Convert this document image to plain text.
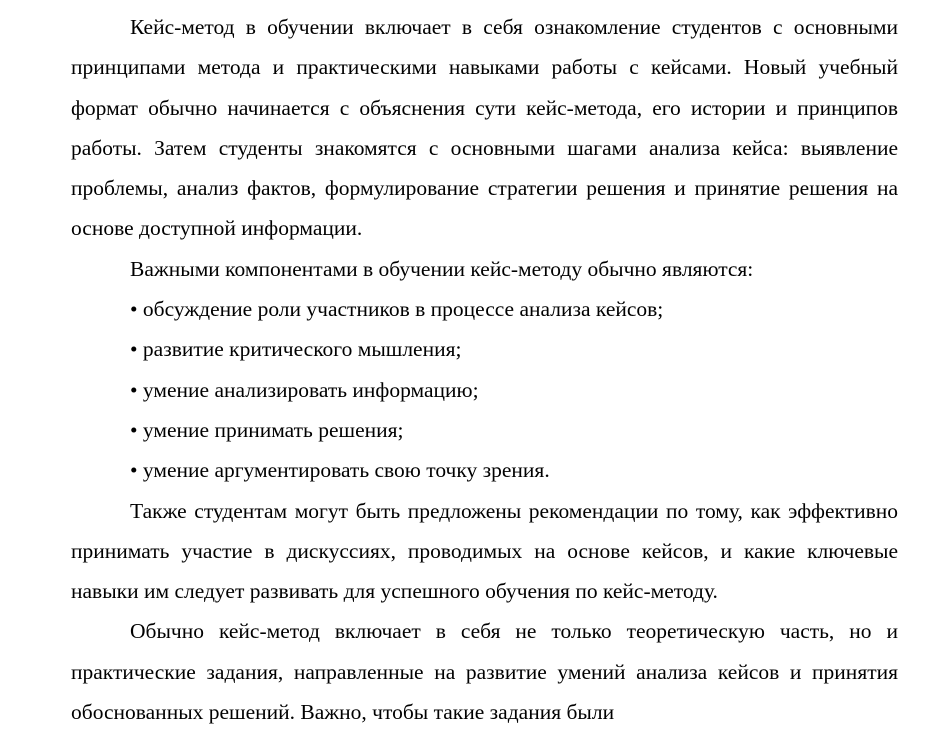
Кейс-метод в обучении включает в себя ознакомление студентов с основными принципами метода и практическими навыками работы с кейсами. Новый учебный формат обычно начинается с объяснения сути кейс-метода, его истории и принципов работы. Затем студенты знакомятся с основными шагами анализа кейса: выявление проблемы, анализ фактов, формулирование стратегии решения и принятие решения на основе доступной информации.

Важными компонентами в обучении кейс-методу обычно являются:

• обсуждение роли участников в процессе анализа кейсов;

• развитие критического мышления;

• умение анализировать информацию;

• умение принимать решения;

• умение аргументировать свою точку зрения.

Также студентам могут быть предложены рекомендации по тому, как эффективно принимать участие в дискуссиях, проводимых на основе кейсов, и какие ключевые навыки им следует развивать для успешного обучения по кейс-методу.

Обычно кейс-метод включает в себя не только теоретическую часть, но и практические задания, направленные на развитие умений анализа кейсов и принятия обоснованных решений. Важно, чтобы такие задания были
